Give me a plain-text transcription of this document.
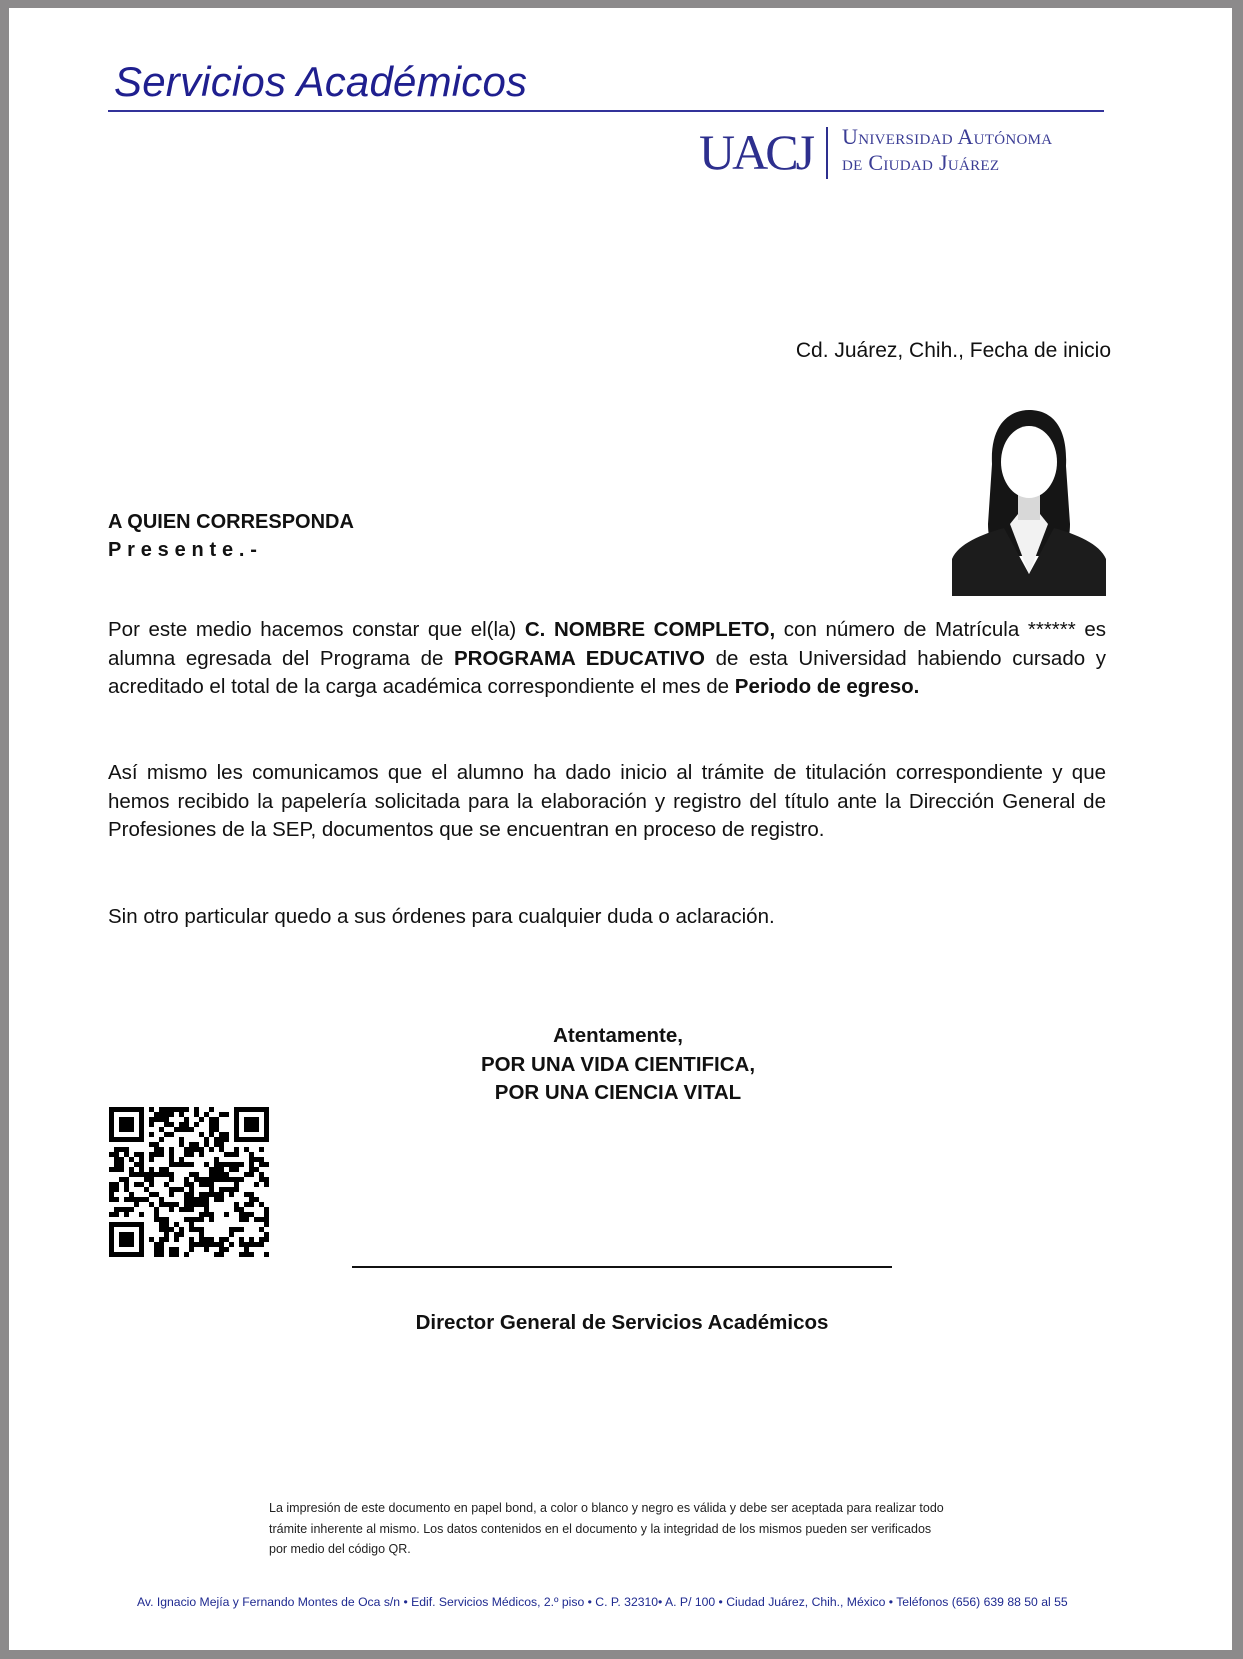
Servicios Académicos
UACJ Universidad Autónoma
de Ciudad Juárez
Cd. Juárez, Chih., Fecha de inicio
A QUIEN CORRESPONDA
Presente.-
Por este medio hacemos constar que el(la) C. NOMBRE COMPLETO, con número de Matrícula ****** es alumna egresada del Programa de PROGRAMA EDUCATIVO de esta Universidad habiendo cursado y acreditado el total de la carga académica correspondiente el mes de Periodo de egreso.
Así mismo les comunicamos que el alumno ha dado inicio al trámite de titulación correspondiente y que hemos recibido la papelería solicitada para la elaboración y registro del título ante la Dirección General de Profesiones de la SEP, documentos que se encuentran en proceso de registro.
Sin otro particular quedo a sus órdenes para cualquier duda o aclaración.
Atentamente,
POR UNA VIDA CIENTIFICA,
POR UNA CIENCIA VITAL
Director General de Servicios Académicos
La impresión de este documento en papel bond, a color o blanco y negro es válida y debe ser aceptada para realizar todo trámite inherente al mismo. Los datos contenidos en el documento y la integridad de los mismos pueden ser verificados por medio del código QR.
Av. Ignacio Mejía y Fernando Montes de Oca s/n • Edif. Servicios Médicos, 2.º piso • C. P. 32310• A. P/ 100 • Ciudad Juárez, Chih., México • Teléfonos (656) 639 88 50 al 55
